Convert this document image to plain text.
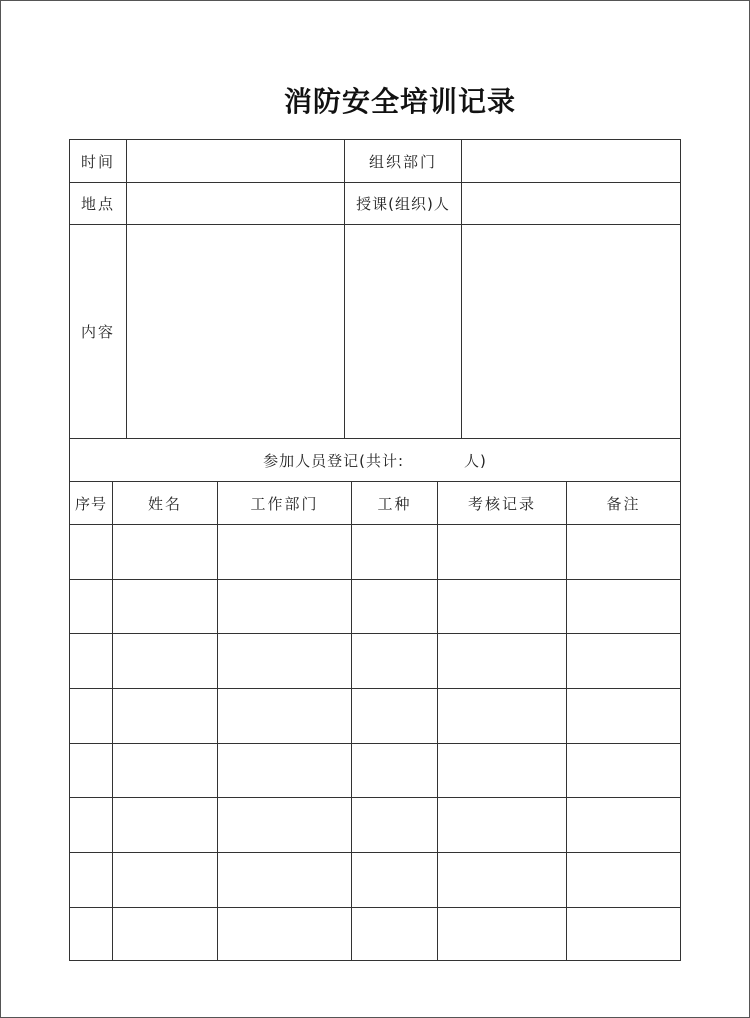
消防安全培训记录
时间	组织部门
地点	授课(组织)人
内容
参加人员登记(共计:	人)
序号	姓名	工作部门	工种	考核记录	备注
